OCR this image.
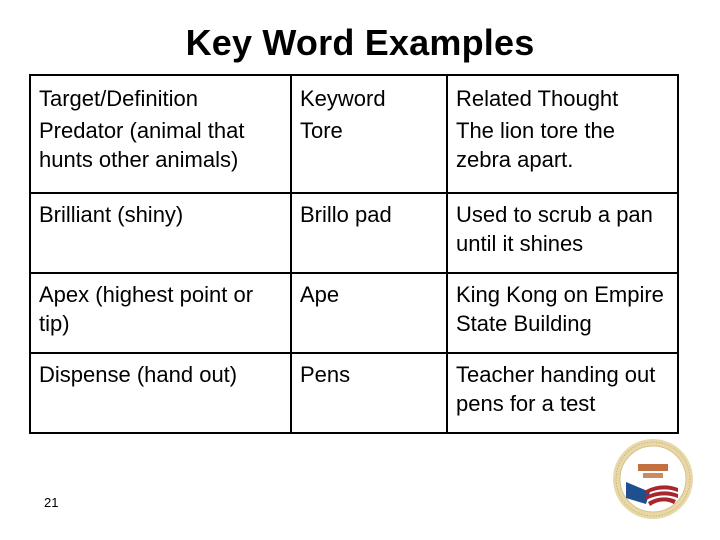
Key Word Examples
Target/Definition	Keyword	Related Thought
Predator (animal that hunts other animals)	Tore	The lion tore the zebra apart.
Brilliant (shiny)	Brillo pad	Used to scrub a pan until it shines
Apex (highest point or tip)	Ape	King Kong on Empire State Building
Dispense (hand out)	Pens	Teacher handing out pens for a test
21
